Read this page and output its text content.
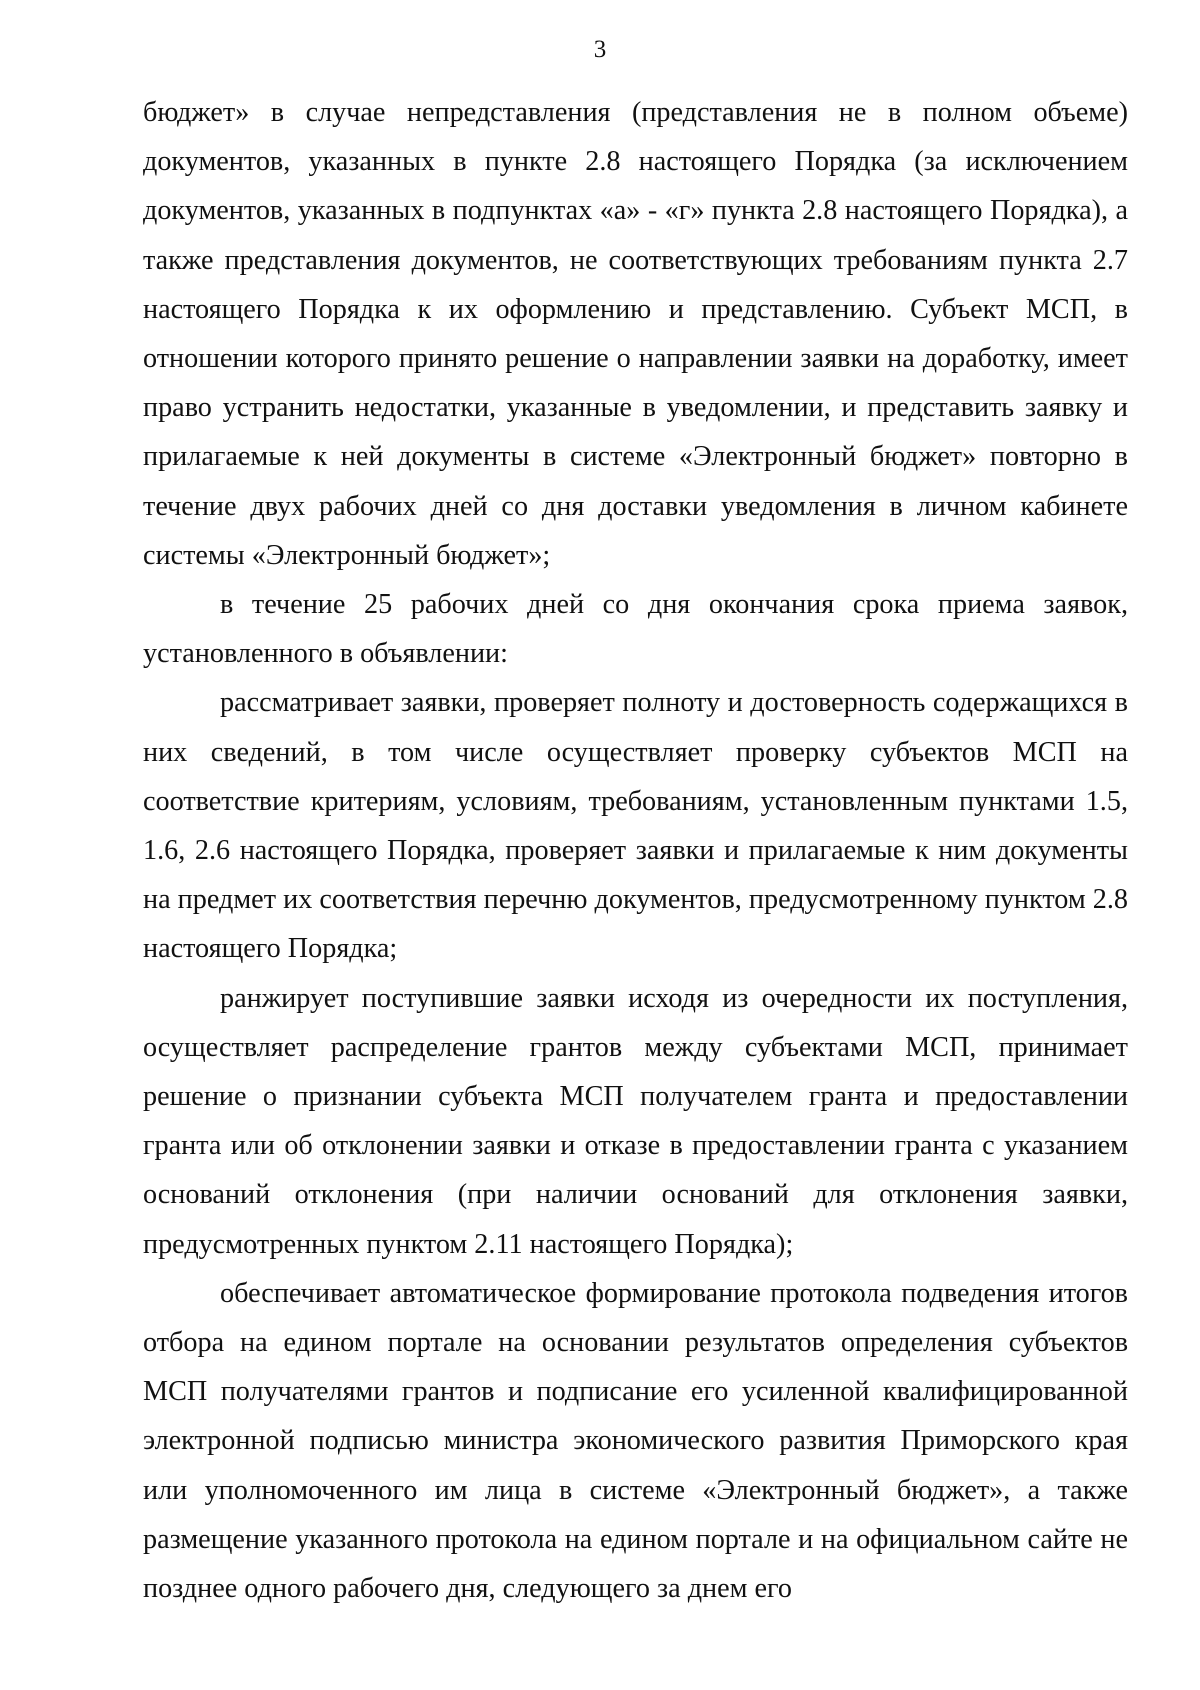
3

бюджет» в случае непредставления (представления не в полном объеме) документов, указанных в пункте 2.8 настоящего Порядка (за исключением документов, указанных в подпунктах «а» - «г» пункта 2.8 настоящего Порядка), а также представления документов, не соответствующих требованиям пункта 2.7 настоящего Порядка к их оформлению и представлению. Субъект МСП, в отношении которого принято решение о направлении заявки на доработку, имеет право устранить недостатки, указанные в уведомлении, и представить заявку и прилагаемые к ней документы в системе «Электронный бюджет» повторно в течение двух рабочих дней со дня доставки уведомления в личном кабинете системы «Электронный бюджет»;

в течение 25 рабочих дней со дня окончания срока приема заявок, установленного в объявлении:

рассматривает заявки, проверяет полноту и достоверность содержащихся в них сведений, в том числе осуществляет проверку субъектов МСП на соответствие критериям, условиям, требованиям, установленным пунктами 1.5, 1.6, 2.6 настоящего Порядка, проверяет заявки и прилагаемые к ним документы на предмет их соответствия перечню документов, предусмотренному пунктом 2.8 настоящего Порядка;

ранжирует поступившие заявки исходя из очередности их поступления, осуществляет распределение грантов между субъектами МСП, принимает решение о признании субъекта МСП получателем гранта и предоставлении гранта или об отклонении заявки и отказе в предоставлении гранта с указанием оснований отклонения (при наличии оснований для отклонения заявки, предусмотренных пунктом 2.11 настоящего Порядка);

обеспечивает автоматическое формирование протокола подведения итогов отбора на едином портале на основании результатов определения субъектов МСП получателями грантов и подписание его усиленной квалифицированной электронной подписью министра экономического развития Приморского края или уполномоченного им лица в системе «Электронный бюджет», а также размещение указанного протокола на едином портале и на официальном сайте не позднее одного рабочего дня, следующего за днем его
